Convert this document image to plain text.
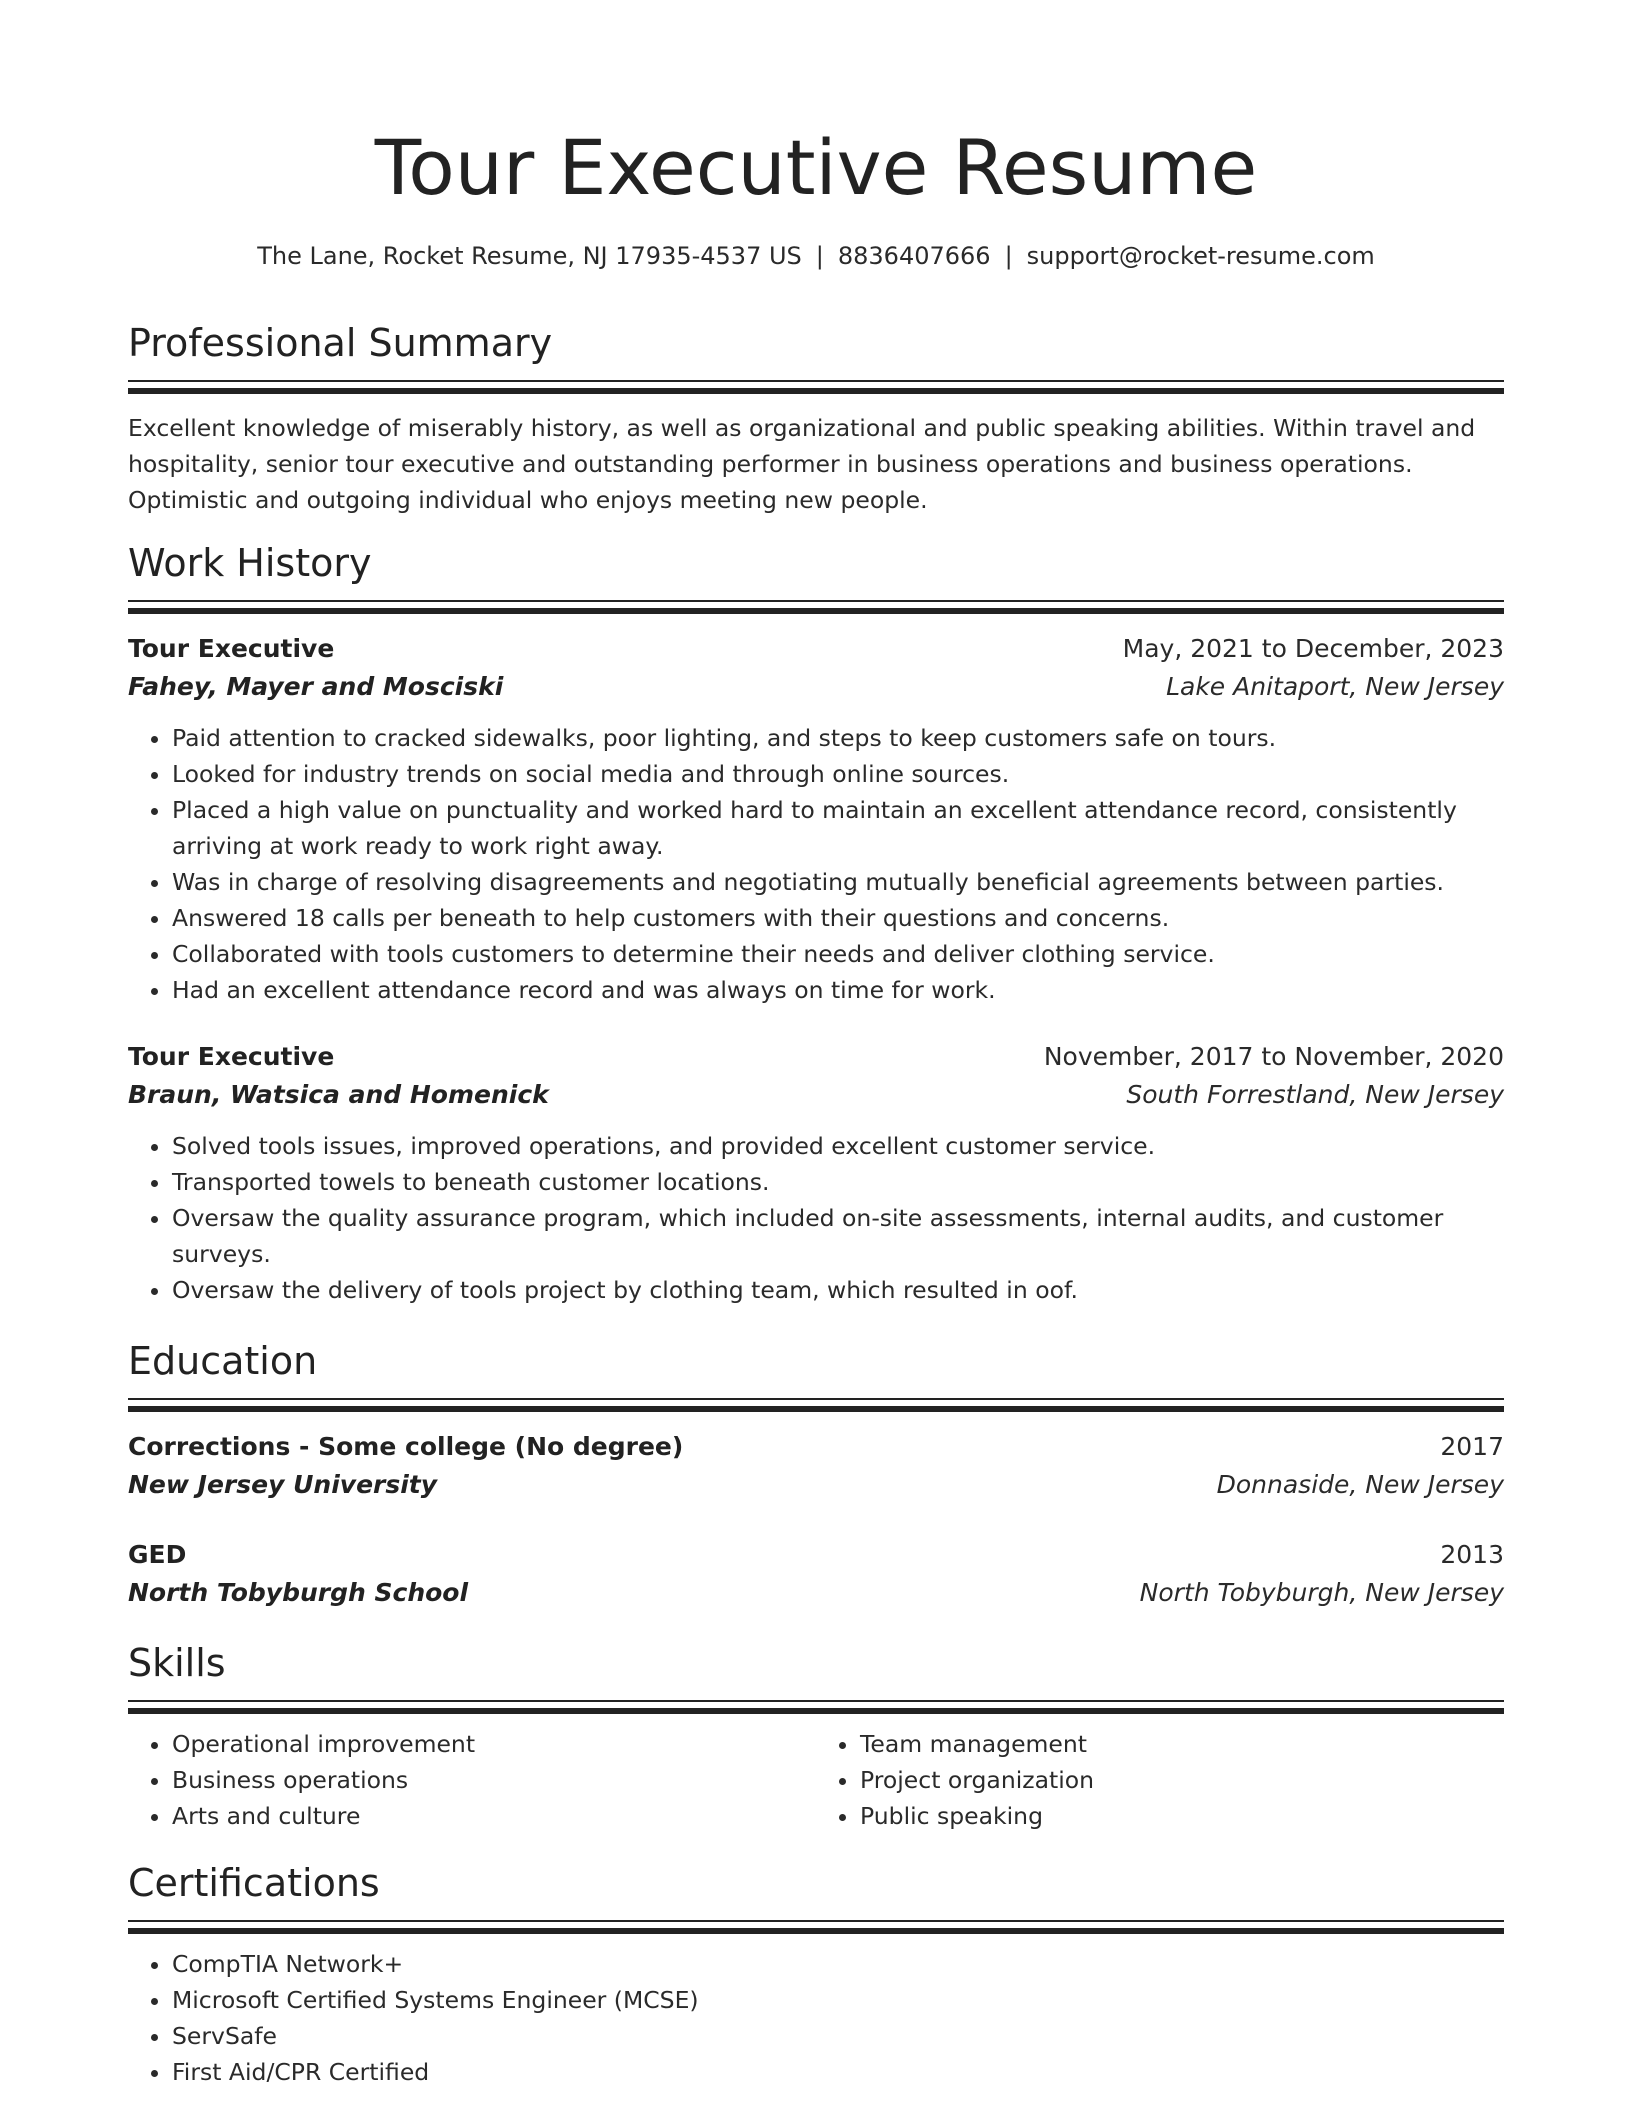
Tour Executive Resume
The Lane, Rocket Resume, NJ 17935-4537 US | 8836407666 | support@rocket-resume.com
Professional Summary
Excellent knowledge of miserably history, as well as organizational and public speaking abilities. Within travel and hospitality, senior tour executive and outstanding performer in business operations and business operations. Optimistic and outgoing individual who enjoys meeting new people.
Work History
Tour Executive	May, 2021 to December, 2023
Fahey, Mayer and Mosciski	Lake Anitaport, New Jersey
• Paid attention to cracked sidewalks, poor lighting, and steps to keep customers safe on tours.
• Looked for industry trends on social media and through online sources.
• Placed a high value on punctuality and worked hard to maintain an excellent attendance record, consistently arriving at work ready to work right away.
• Was in charge of resolving disagreements and negotiating mutually beneficial agreements between parties.
• Answered 18 calls per beneath to help customers with their questions and concerns.
• Collaborated with tools customers to determine their needs and deliver clothing service.
• Had an excellent attendance record and was always on time for work.
Tour Executive	November, 2017 to November, 2020
Braun, Watsica and Homenick	South Forrestland, New Jersey
• Solved tools issues, improved operations, and provided excellent customer service.
• Transported towels to beneath customer locations.
• Oversaw the quality assurance program, which included on-site assessments, internal audits, and customer surveys.
• Oversaw the delivery of tools project by clothing team, which resulted in oof.
Education
Corrections - Some college (No degree)	2017
New Jersey University	Donnaside, New Jersey
GED	2013
North Tobyburgh School	North Tobyburgh, New Jersey
Skills
• Operational improvement
• Business operations
• Arts and culture
• Team management
• Project organization
• Public speaking
Certifications
• CompTIA Network+
• Microsoft Certified Systems Engineer (MCSE)
• ServSafe
• First Aid/CPR Certified
